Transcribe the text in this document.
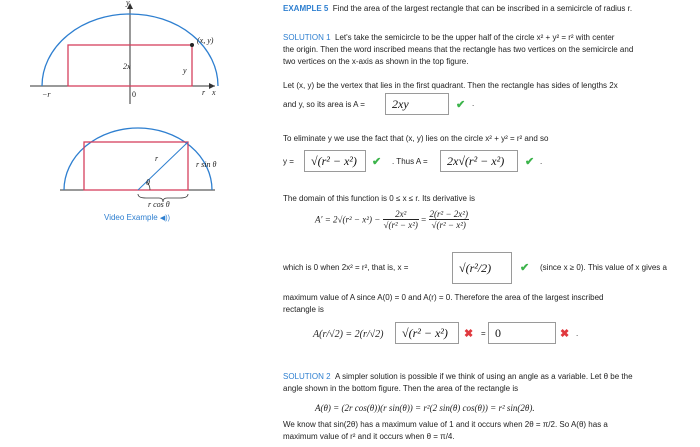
y
(x, y)
2x	y
−r	0	r x
r
r sin θ
θ
r cos θ
Video Example ◀))
EXAMPLE 5 Find the area of the largest rectangle that can be inscribed in a semicircle of radius r.
SOLUTION 1 Let's take the semicircle to be the upper half of the circle x² + y² = r² with center
the origin. Then the word inscribed means that the rectangle has two vertices on the semicircle and
two vertices on the x-axis as shown in the top figure.
Let (x, y) be the vertex that lies in the first quadrant. Then the rectangle has sides of lengths 2x
and y, so its area is A = 2xy	✔ .
To eliminate y we use the fact that (x, y) lies on the circle x² + y² = r² and so
y = √(r² − x²) ✔ . Thus A = 2x√(r² − x²) ✔ .
The domain of this function is 0 ≤ x ≤ r. Its derivative is
$A' = 2√(r^2 - x^2) - \frac{\text{2x²}}{\text{√(r² − x²)}} = \frac{\text{2(r² − 2x²)}}{\text{√(r² − x²)}}$
which is 0 when 2x² = r², that is, x =	√(r²/2)	✔ (since x ≥ 0). This value of x gives a
maximum value of A since A(0) = 0 and A(r) = 0. Therefore the area of the largest inscribed
rectangle is
A(r/√2) = 2(r/√2) √(r² − x²) ✖ = 0	✖ .
SOLUTION 2 A simpler solution is possible if we think of using an angle as a variable. Let θ be the
angle shown in the bottom figure. Then the area of the rectangle is
A(θ) = (2r cos(θ))(r sin(θ)) = r²(2 sin(θ) cos(θ)) = r² sin(2θ).
We know that sin(2θ) has a maximum value of 1 and it occurs when 2θ = π/2. So A(θ) has a
maximum value of r² and it occurs when θ = π/4.
